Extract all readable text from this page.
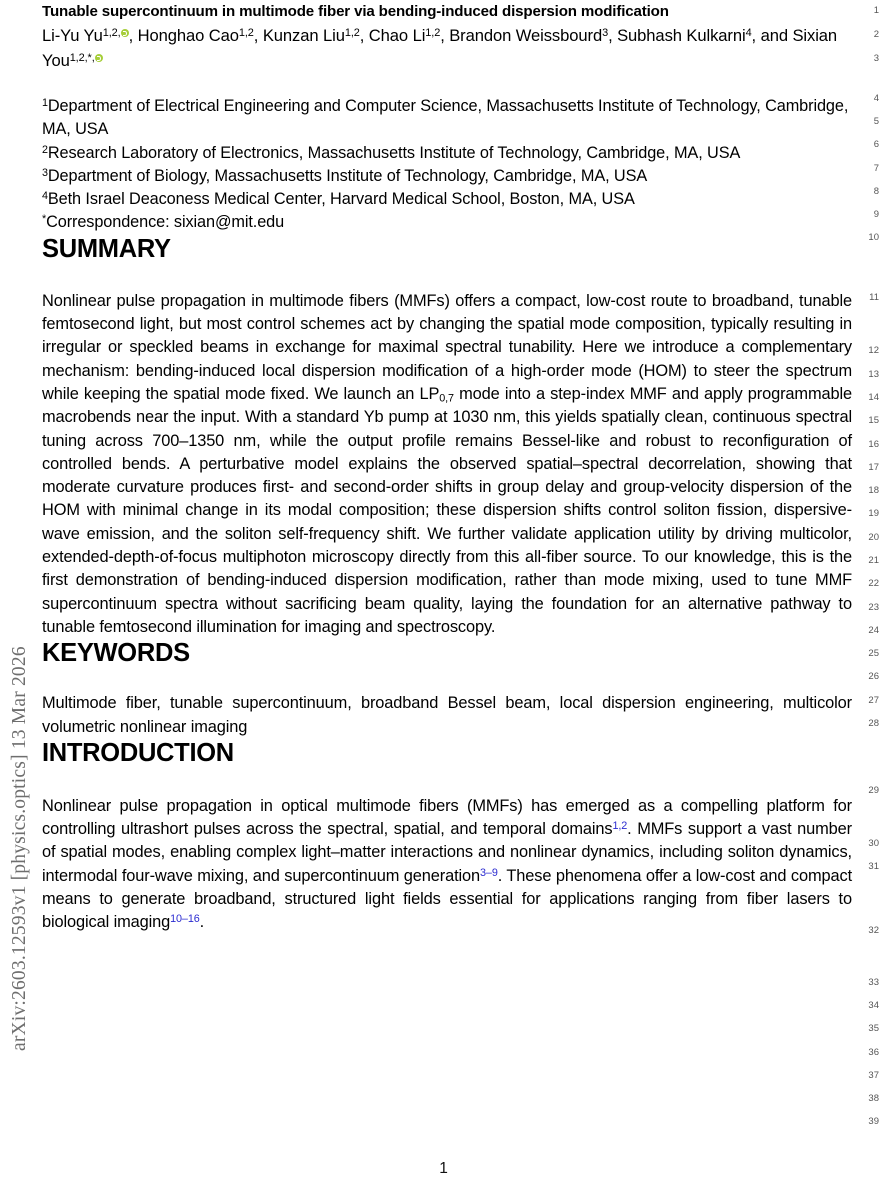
arXiv:2603.12593v1 [physics.optics] 13 Mar 2026
Tunable supercontinuum in multimode fiber via bending-induced dispersion modification

Li-Yu $Yu^{1,2,}$ , Honghao Cao$^{1,2}$, Kunzan Liu$^{1,2}$, Chao Li$^{1,2}$, Brandon Weissbourd$^3$, Subhash Kulkarni$^4$, and Sixian You$^{1,2,*,}$

$^1$Department of Electrical Engineering and Computer Science, Massachusetts Institute of Technology, Cambridge, MA, USA
$^2$Research Laboratory of Electronics, Massachusetts Institute of Technology, Cambridge, MA, USA
$^3$Department of Biology, Massachusetts Institute of Technology, Cambridge, MA, USA
$^4$Beth Israel Deaconess Medical Center, Harvard Medical School, Boston, MA, USA
*Correspondence: sixian@mit.edu
SUMMARY

Nonlinear pulse propagation in multimode fibers (MMFs) offers a compact, low-cost route to broadband, tunable femtosecond light, but most control schemes act by changing the spatial mode composition, typically resulting in irregular or speckled beams in exchange for maximal spectral tunability. Here we introduce a complementary mechanism: bending-induced local dispersion modification of a high-order mode (HOM) to steer the spectrum while keeping the spatial mode fixed. We launch an $LP_{0,7}$ mode into a step-index MMF and apply programmable macrobends near the input. With a standard Yb pump at 1030 nm, this yields spatially clean, continuous spectral tuning across 700–1350 nm, while the output profile remains Bessel-like and robust to reconfiguration of controlled bends. A perturbative model explains the observed spatial–spectral decorrelation, showing that moderate curvature produces first- and second-order shifts in group delay and group-velocity dispersion of the HOM with minimal change in its modal composition; these dispersion shifts control soliton fission, dispersive-wave emission, and the soliton self-frequency shift. We further validate application utility by driving multicolor, extended-depth-of-focus multiphoton microscopy directly from this all-fiber source. To our knowledge, this is the first demonstration of bending-induced dispersion modification, rather than mode mixing, used to tune MMF supercontinuum spectra without sacrificing beam quality, laying the foundation for an alternative pathway to tunable femtosecond illumination for imaging and spectroscopy.

KEYWORDS

Multimode fiber, tunable supercontinuum, broadband Bessel beam, local dispersion engineering, multicolor volumetric nonlinear imaging

INTRODUCTION

Nonlinear pulse propagation in optical multimode fibers (MMFs) has emerged as a compelling platform for controlling ultrashort pulses across the spectral, spatial, and temporal domains$^{1,2}$. MMFs support a vast number of spatial modes, enabling complex light–matter interactions and nonlinear dynamics, including soliton dynamics, intermodal four-wave mixing, and supercontinuum generation$^{3-9}$. These phenomena offer a low-cost and compact means to generate broadband, structured light fields essential for applications ranging from fiber lasers to biological imaging$^{10-16}$.

1
2
3
4
5
6
7
8
9
10
11
12
13
14
15
16
17
18
19
20
21
22
23
24
25
26
27
28
29
30
31
32
33
34
35
36
37
38
39
1
